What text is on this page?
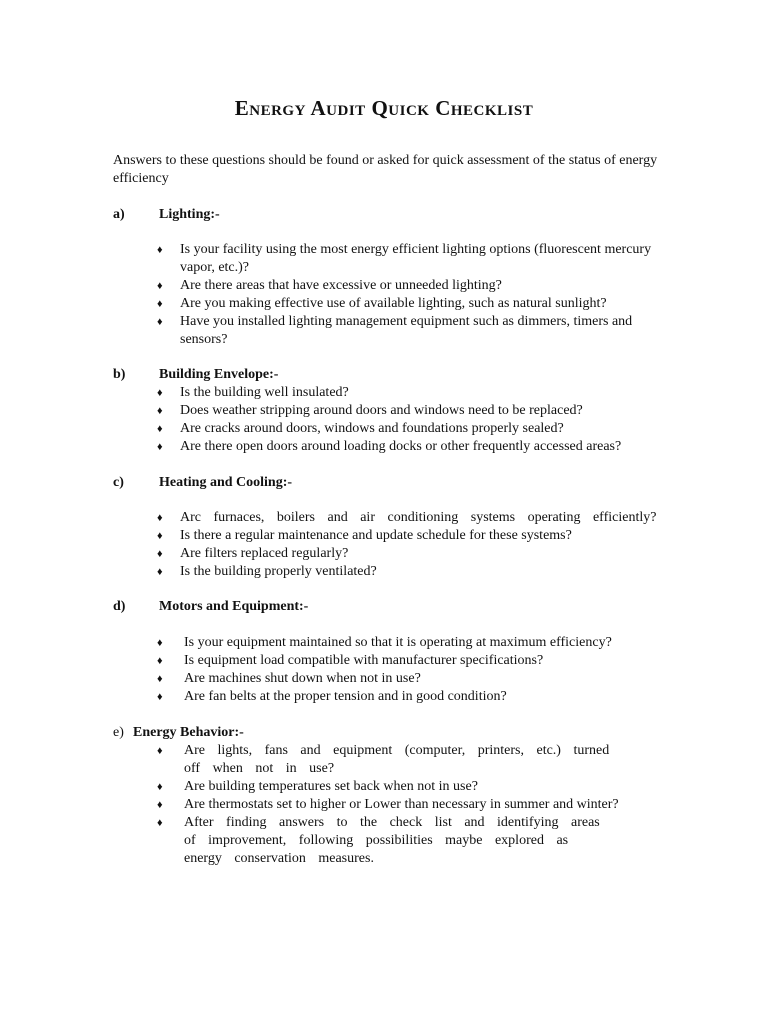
Energy Audit Quick Checklist
Answers to these questions should be found or asked for quick assessment of the status of energy efficiency
a) Lighting:-
♦ Is your facility using the most energy efficient lighting options (fluorescent mercury vapor, etc.)?
♦ Are there areas that have excessive or unneeded lighting?
♦ Are you making effective use of available lighting, such as natural sunlight?
♦ Have you installed lighting management equipment such as dimmers, timers and sensors?
b) Building Envelope:-
♦ Is the building well insulated?
♦ Does weather stripping around doors and windows need to be replaced?
♦ Are cracks around doors, windows and foundations properly sealed?
♦ Are there open doors around loading docks or other frequently accessed areas?
c)	Heating and Cooling:-
♦ Arc furnaces, boilers and air conditioning systems operating efficiently?
♦ Is there a regular maintenance and update schedule for these systems?
♦ Are filters replaced regularly?
♦ Is the building properly ventilated?
d) Motors and Equipment:-
♦ Is your equipment maintained so that it is operating at maximum efficiency?
♦ Is equipment load compatible with manufacturer specifications?
♦ Are machines shut down when not in use?
♦ Are fan belts at the proper tension and in good condition?
e) Energy Behavior:-
♦ Are lights, fans and equipment (computer, printers, etc.) turned off when not in use?
♦ Are building temperatures set back when not in use?
♦ Are thermostats set to higher or Lower than necessary in summer and winter?
♦ After finding answers to the check list and identifying areas of improvement, following possibilities maybe explored as energy conservation measures.
